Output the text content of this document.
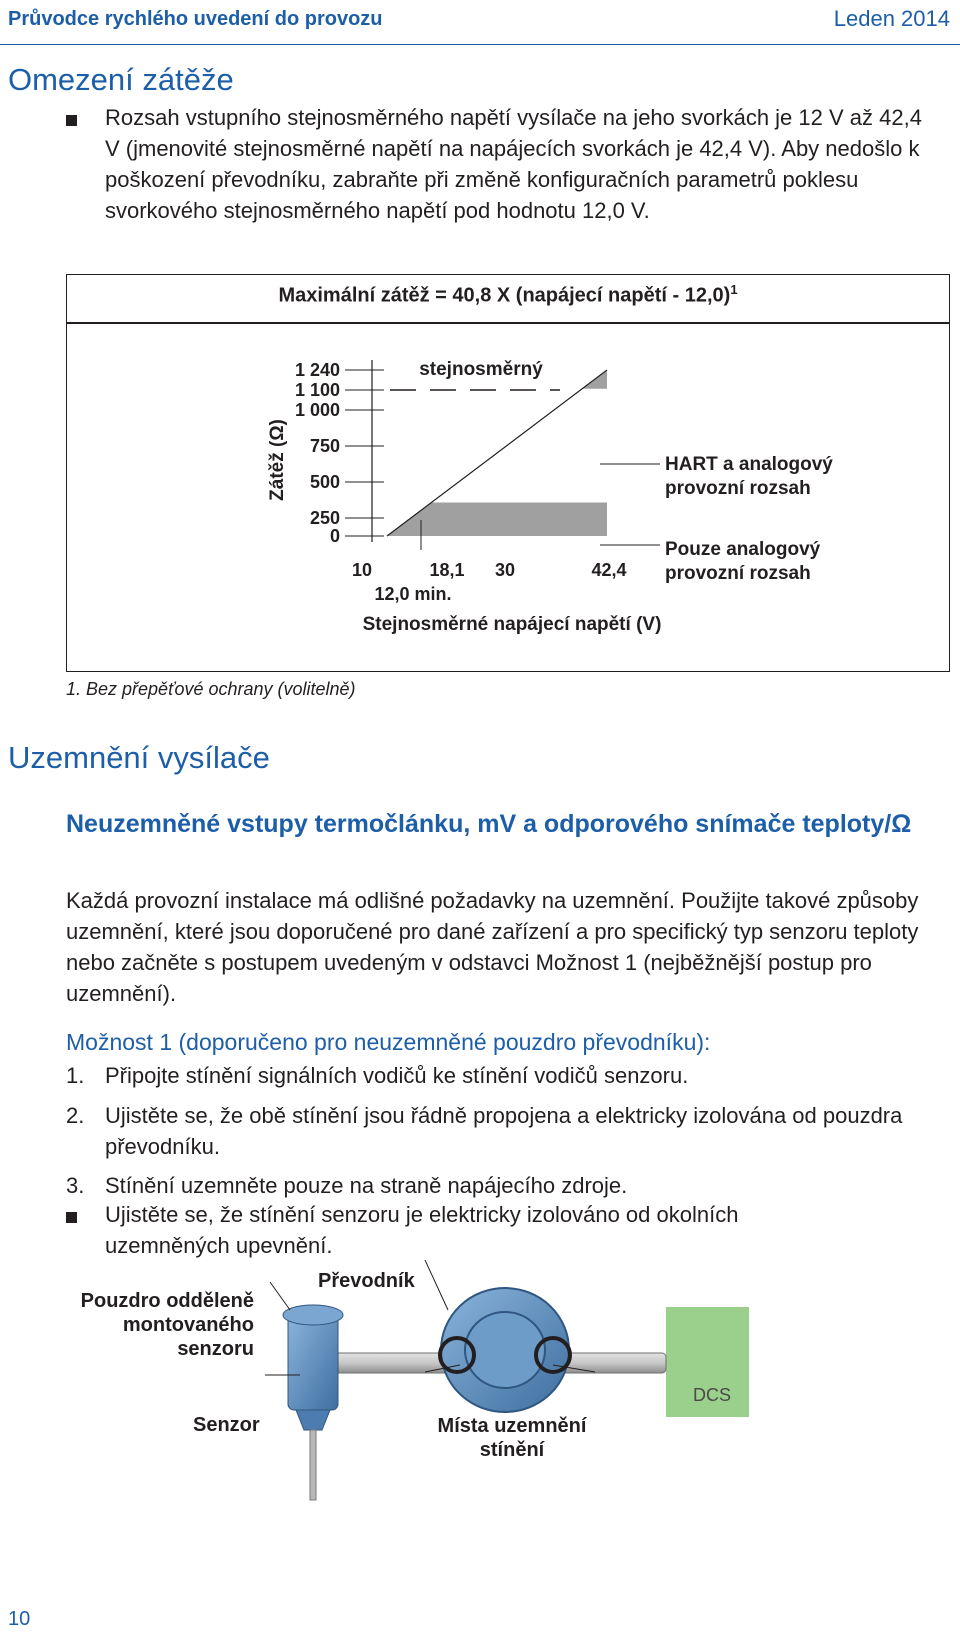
Průvodce rychlého uvedení do provozu	Leden 2014
Omezení zátěže
Rozsah vstupního stejnosměrného napětí vysílače na jeho svorkách je 12 V až 42,4 V (jmenovité stejnosměrné napětí na napájecích svorkách je 42,4 V). Aby nedošlo k poškození převodníku, zabraňte při změně konfiguračních parametrů poklesu svorkového stejnosměrného napětí pod hodnotu 12,0 V.
Maximální zátěž = 40,8 X (napájecí napětí - 12,0)$^1$
1 240
1 100
1 000
750
500
250
0
10	18,1 30	42,4
12,0 min.
Stejnosměrné napájecí napětí (V)
Zátěž (Ω)
stejnosměrný
HART a analogový
provozní rozsah
Pouze analogový
provozní rozsah
1. Bez přepěťové ochrany (volitelně)
Uzemnění vysílače
Neuzemněné vstupy termočlánku, mV a odporového snímače teploty/Ω
Každá provozní instalace má odlišné požadavky na uzemnění. Použijte takové způsoby uzemnění, které jsou doporučené pro dané zařízení a pro specifický typ senzoru teploty nebo začněte s postupem uvedeným v odstavci Možnost 1 (nejběžnější postup pro uzemnění).
Možnost 1 (doporučeno pro neuzemněné pouzdro převodníku):
1. Připojte stínění signálních vodičů ke stínění vodičů senzoru.
2. Ujistěte se, že obě stínění jsou řádně propojena a elektricky izolována od pouzdra převodníku.
3. Stínění uzemněte pouze na straně napájecího zdroje.
Ujistěte se, že stínění senzoru je elektricky izolováno od okolních uzemněných upevnění.
DCS
Pouzdro odděleně montovaného senzoru
Převodník
Senzor	Místa uzemnění stínění
10
